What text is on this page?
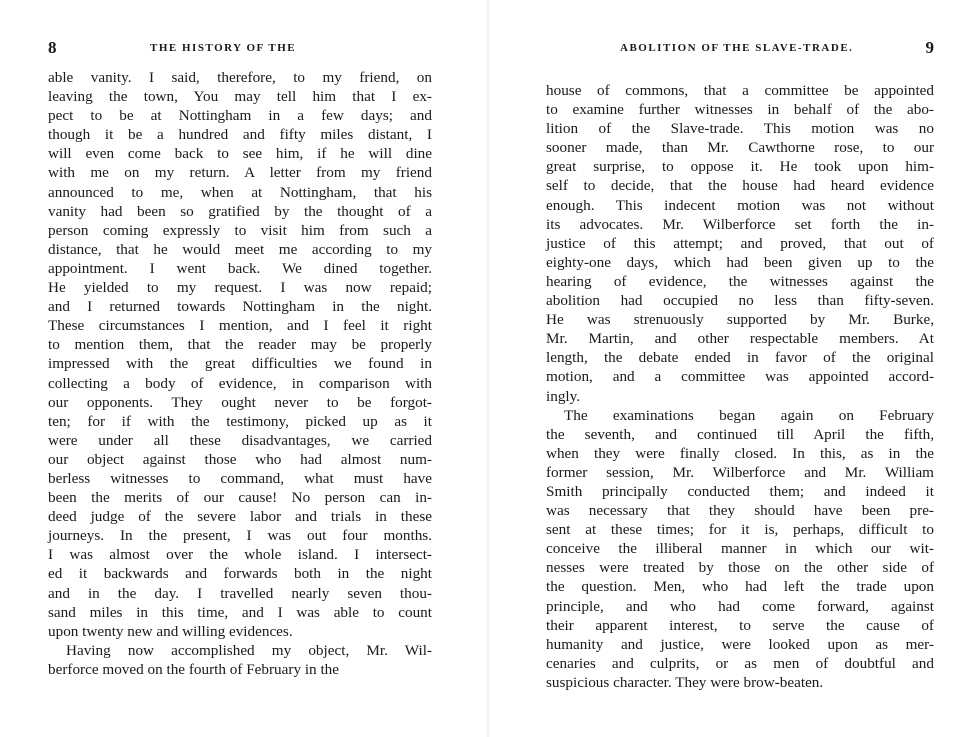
8	THE HISTORY OF THE
able vanity. I said, therefore, to my friend, on
leaving the town, You may tell him that I ex-
pect to be at Nottingham in a few days; and
though it be a hundred and fifty miles distant, I
will even come back to see him, if he will dine
with me on my return. A letter from my friend
announced to me, when at Nottingham, that his
vanity had been so gratified by the thought of a
person coming expressly to visit him from such a
distance, that he would meet me according to my
appointment. I went back. We dined together.
He yielded to my request. I was now repaid;
and I returned towards Nottingham in the night.
These circumstances I mention, and I feel it right
to mention them, that the reader may be properly
impressed with the great difficulties we found in
collecting a body of evidence, in comparison with
our opponents. They ought never to be forgot-
ten; for if with the testimony, picked up as it
were under all these disadvantages, we carried
our object against those who had almost num-
berless witnesses to command, what must have
been the merits of our cause! No person can in-
deed judge of the severe labor and trials in these
journeys. In the present, I was out four months.
I was almost over the whole island. I intersect-
ed it backwards and forwards both in the night
and in the day. I travelled nearly seven thou-
sand miles in this time, and I was able to count
upon twenty new and willing evidences.
Having now accomplished my object, Mr. Wil-
berforce moved on the fourth of February in the
ABOLITION OF THE SLAVE-TRADE.	9
house of commons, that a committee be appointed
to examine further witnesses in behalf of the abo-
lition of the Slave-trade. This motion was no
sooner made, than Mr. Cawthorne rose, to our
great surprise, to oppose it. He took upon him-
self to decide, that the house had heard evidence
enough. This indecent motion was not without
its advocates. Mr. Wilberforce set forth the in-
justice of this attempt; and proved, that out of
eighty-one days, which had been given up to the
hearing of evidence, the witnesses against the
abolition had occupied no less than fifty-seven.
He was strenuously supported by Mr. Burke,
Mr. Martin, and other respectable members. At
length, the debate ended in favor of the original
motion, and a committee was appointed accord-
ingly.
The examinations began again on February
the seventh, and continued till April the fifth,
when they were finally closed. In this, as in the
former session, Mr. Wilberforce and Mr. William
Smith principally conducted them; and indeed it
was necessary that they should have been pre-
sent at these times; for it is, perhaps, difficult to
conceive the illiberal manner in which our wit-
nesses were treated by those on the other side of
the question. Men, who had left the trade upon
principle, and who had come forward, against
their apparent interest, to serve the cause of
humanity and justice, were looked upon as mer-
cenaries and culprits, or as men of doubtful and
suspicious character. They were brow-beaten.
